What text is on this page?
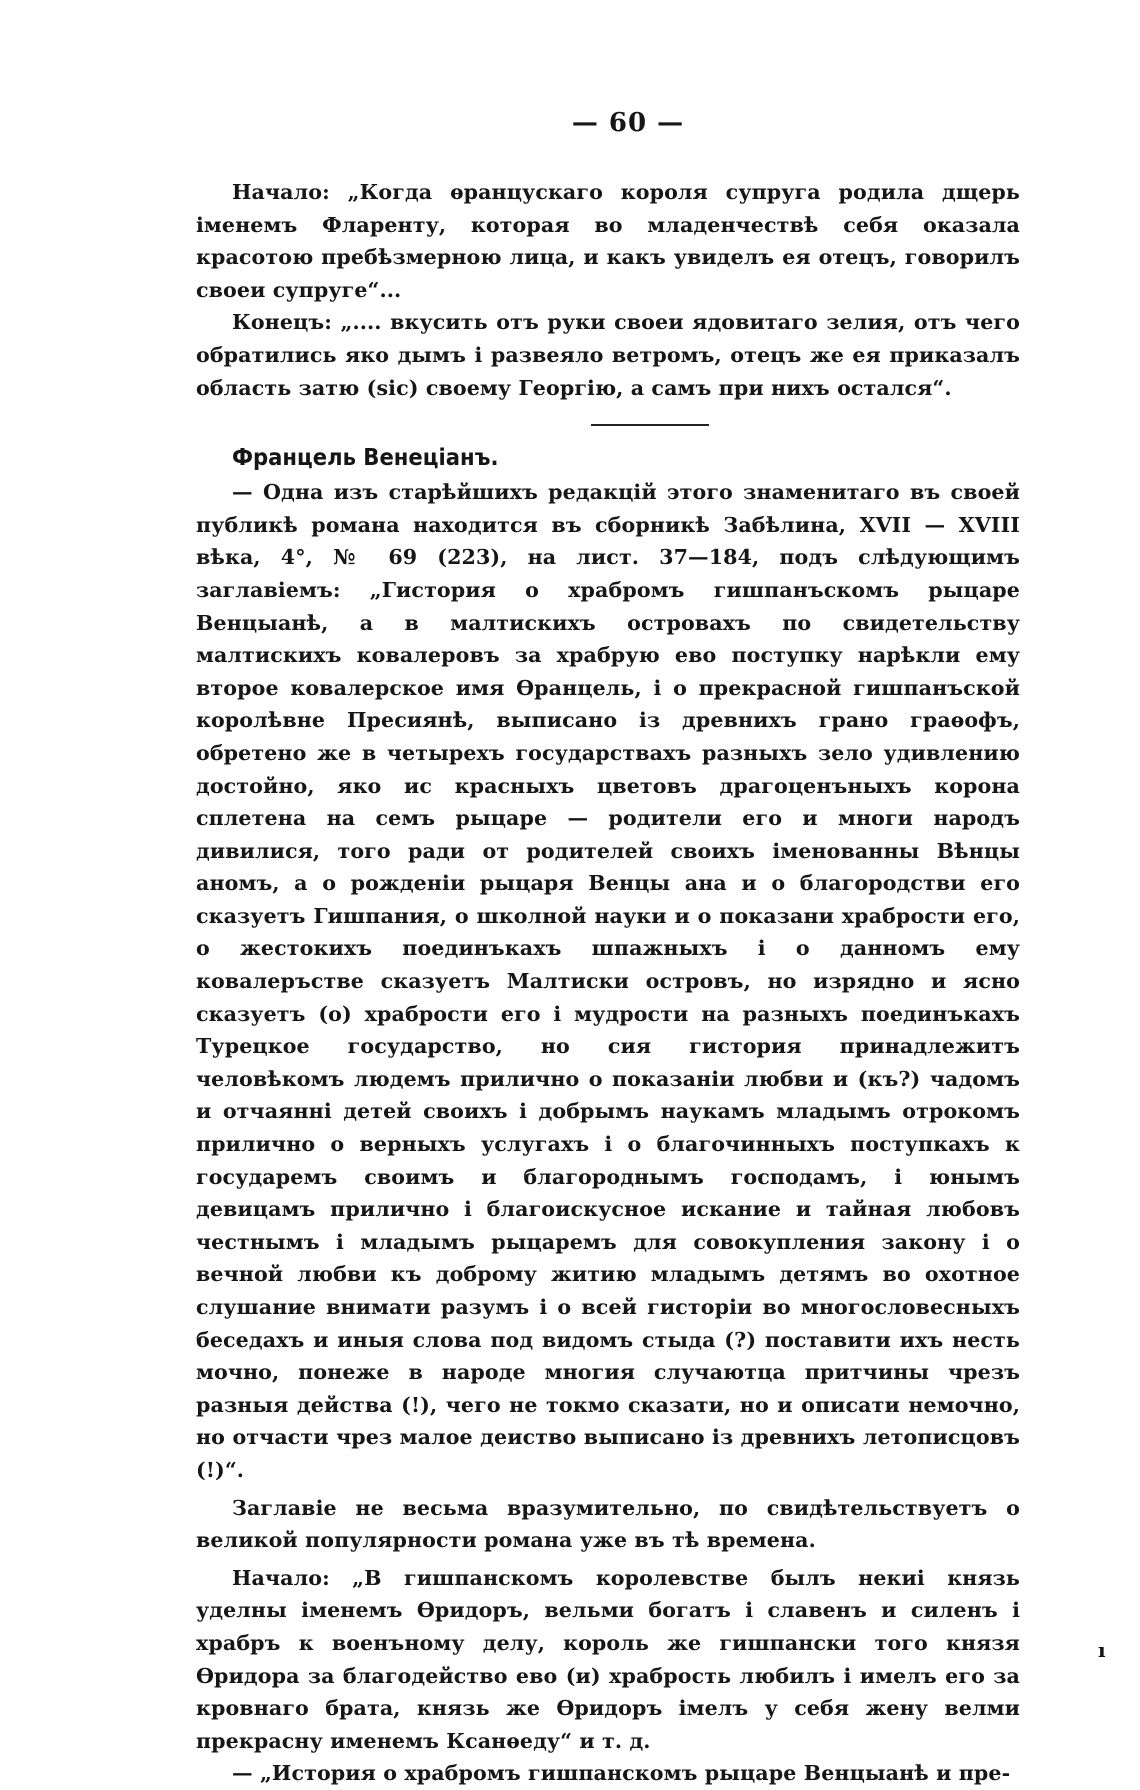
— 60 —

Начало: „Когда ѳранцускаго короля супруга родила дщерь iменемъ Фларенту, которая во младенчествѣ себя оказала красотою пребѣзмерною лица, и какъ увиделъ ея отецъ, говорилъ своеи супруге“...

Конецъ: „.... вкусить отъ руки своеи ядовитаго зелия, отъ чего обратились яко дымъ i развеяло ветромъ, отецъ же ея приказалъ область затю (sic) своему Георгiю, а самъ при нихъ остался“.

Францель Венецiанъ.

— Одна изъ старѣйшихъ редакцiй этого знаменитаго въ своей публикѣ романа находится въ сборникѣ Забѣлина, XVII — XVIII вѣка, 4°, № 69 (223), на лист. 37—184, подъ слѣдующимъ заглавiемъ: „Гистория о храбромъ гишпанъскомъ рыцаре Венцыанѣ, а в малтискихъ островахъ по свидетельству малтискихъ ковалеровъ за храбрую ево поступку нарѣкли ему второе ковалерское имя Ѳранцель, i о прекрасной гишпанъской королѣвне Пресиянѣ, выписано iз древнихъ грано граѳофъ, обретено же в четырехъ государствахъ разныхъ зело удивлению достойно, яко ис красныхъ цветовъ драгоценъныхъ корона сплетена на семъ рыцаре — родители его и многи народъ дивилися, того ради от родителей своихъ iменованны Вѣнцы аномъ, а о рожденiи рыцаря Венцы ана и о благородстви его сказуетъ Гишпания, о школной науки и о показани храбрости его, о жестокихъ поединъкахъ шпажныхъ i о данномъ ему ковалеръстве сказуетъ Малтиски островъ, но изрядно и ясно сказуетъ (о) храбрости его i мудрости на разныхъ поединъкахъ Турецкое государство, но сия гистория принадлежитъ человѣкомъ людемъ прилично о показанiи любви и (къ?) чадомъ и отчаяннi детей своихъ i добрымъ наукамъ младымъ отрокомъ прилично о верныхъ услугахъ i о благочинныхъ поступкахъ к государемъ своимъ и благороднымъ господамъ, i юнымъ девицамъ прилично i благоискусное искание и тайная любовъ честнымъ i младымъ рыцаремъ для совокупления закону i о вечной любви къ доброму житию младымъ детямъ во охотное слушание внимати разумъ i о всей гисторiи во многословесныхъ беседахъ и иныя слова под видомъ стыда (?) поставити ихъ несть мочно, понеже в народе многия случаютца притчины чрезъ разныя действа (!), чего не токмо сказати, но и описати немочно, но отчасти чрез малое деиство выписано iз древнихъ летописцовъ (!)“.

Заглавiе не весьма вразумительно, по свидѣтельствуетъ о великой популярности романа уже въ тѣ времена.

Начало: „В гишпанскомъ королевстве былъ некиi князь уделны iменемъ Ѳридоръ, вельми богатъ i славенъ и силенъ i храбръ к военъному делу, король же гишпански того князя Ѳридора за благодейство ево (и) храбрость любилъ i имелъ его за кровнаго брата, князь же Ѳридоръ iмелъ у себя жену велми прекрасну именемъ Ксанѳеду“ и т. д.

— „История о храбромъ гишпанскомъ рыцаре Венцыанѣ и пре-

ı
